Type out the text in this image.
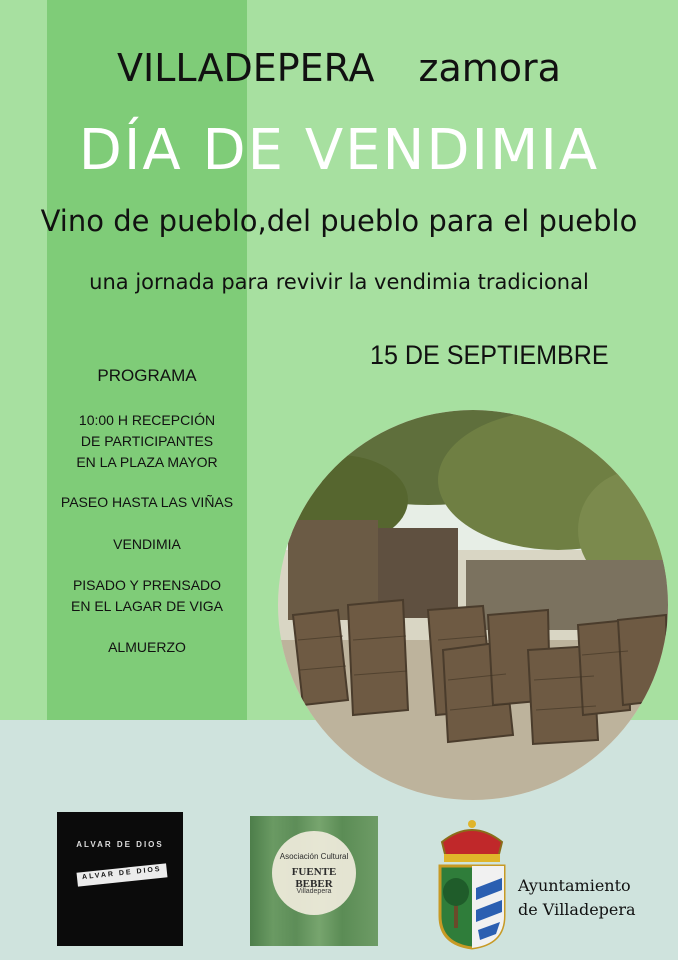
VILLADEPERA zamora
DÍA DE VENDIMIA
Vino de pueblo,del pueblo para el pueblo
una jornada para revivir la vendimia tradicional
15 DE SEPTIEMBRE
PROGRAMA
10:00 H RECEPCIÓN
DE PARTICIPANTES
EN LA PLAZA MAYOR
PASEO HASTA LAS VIÑAS
VENDIMIA
PISADO Y PRENSADO
EN EL LAGAR DE VIGA
ALMUERZO
ALVAR DE DIOS
ALVAR DE DIOS
Asociación Cultural
FUENTE BEBER
Villadepera	Ayuntamiento
de Villadepera
